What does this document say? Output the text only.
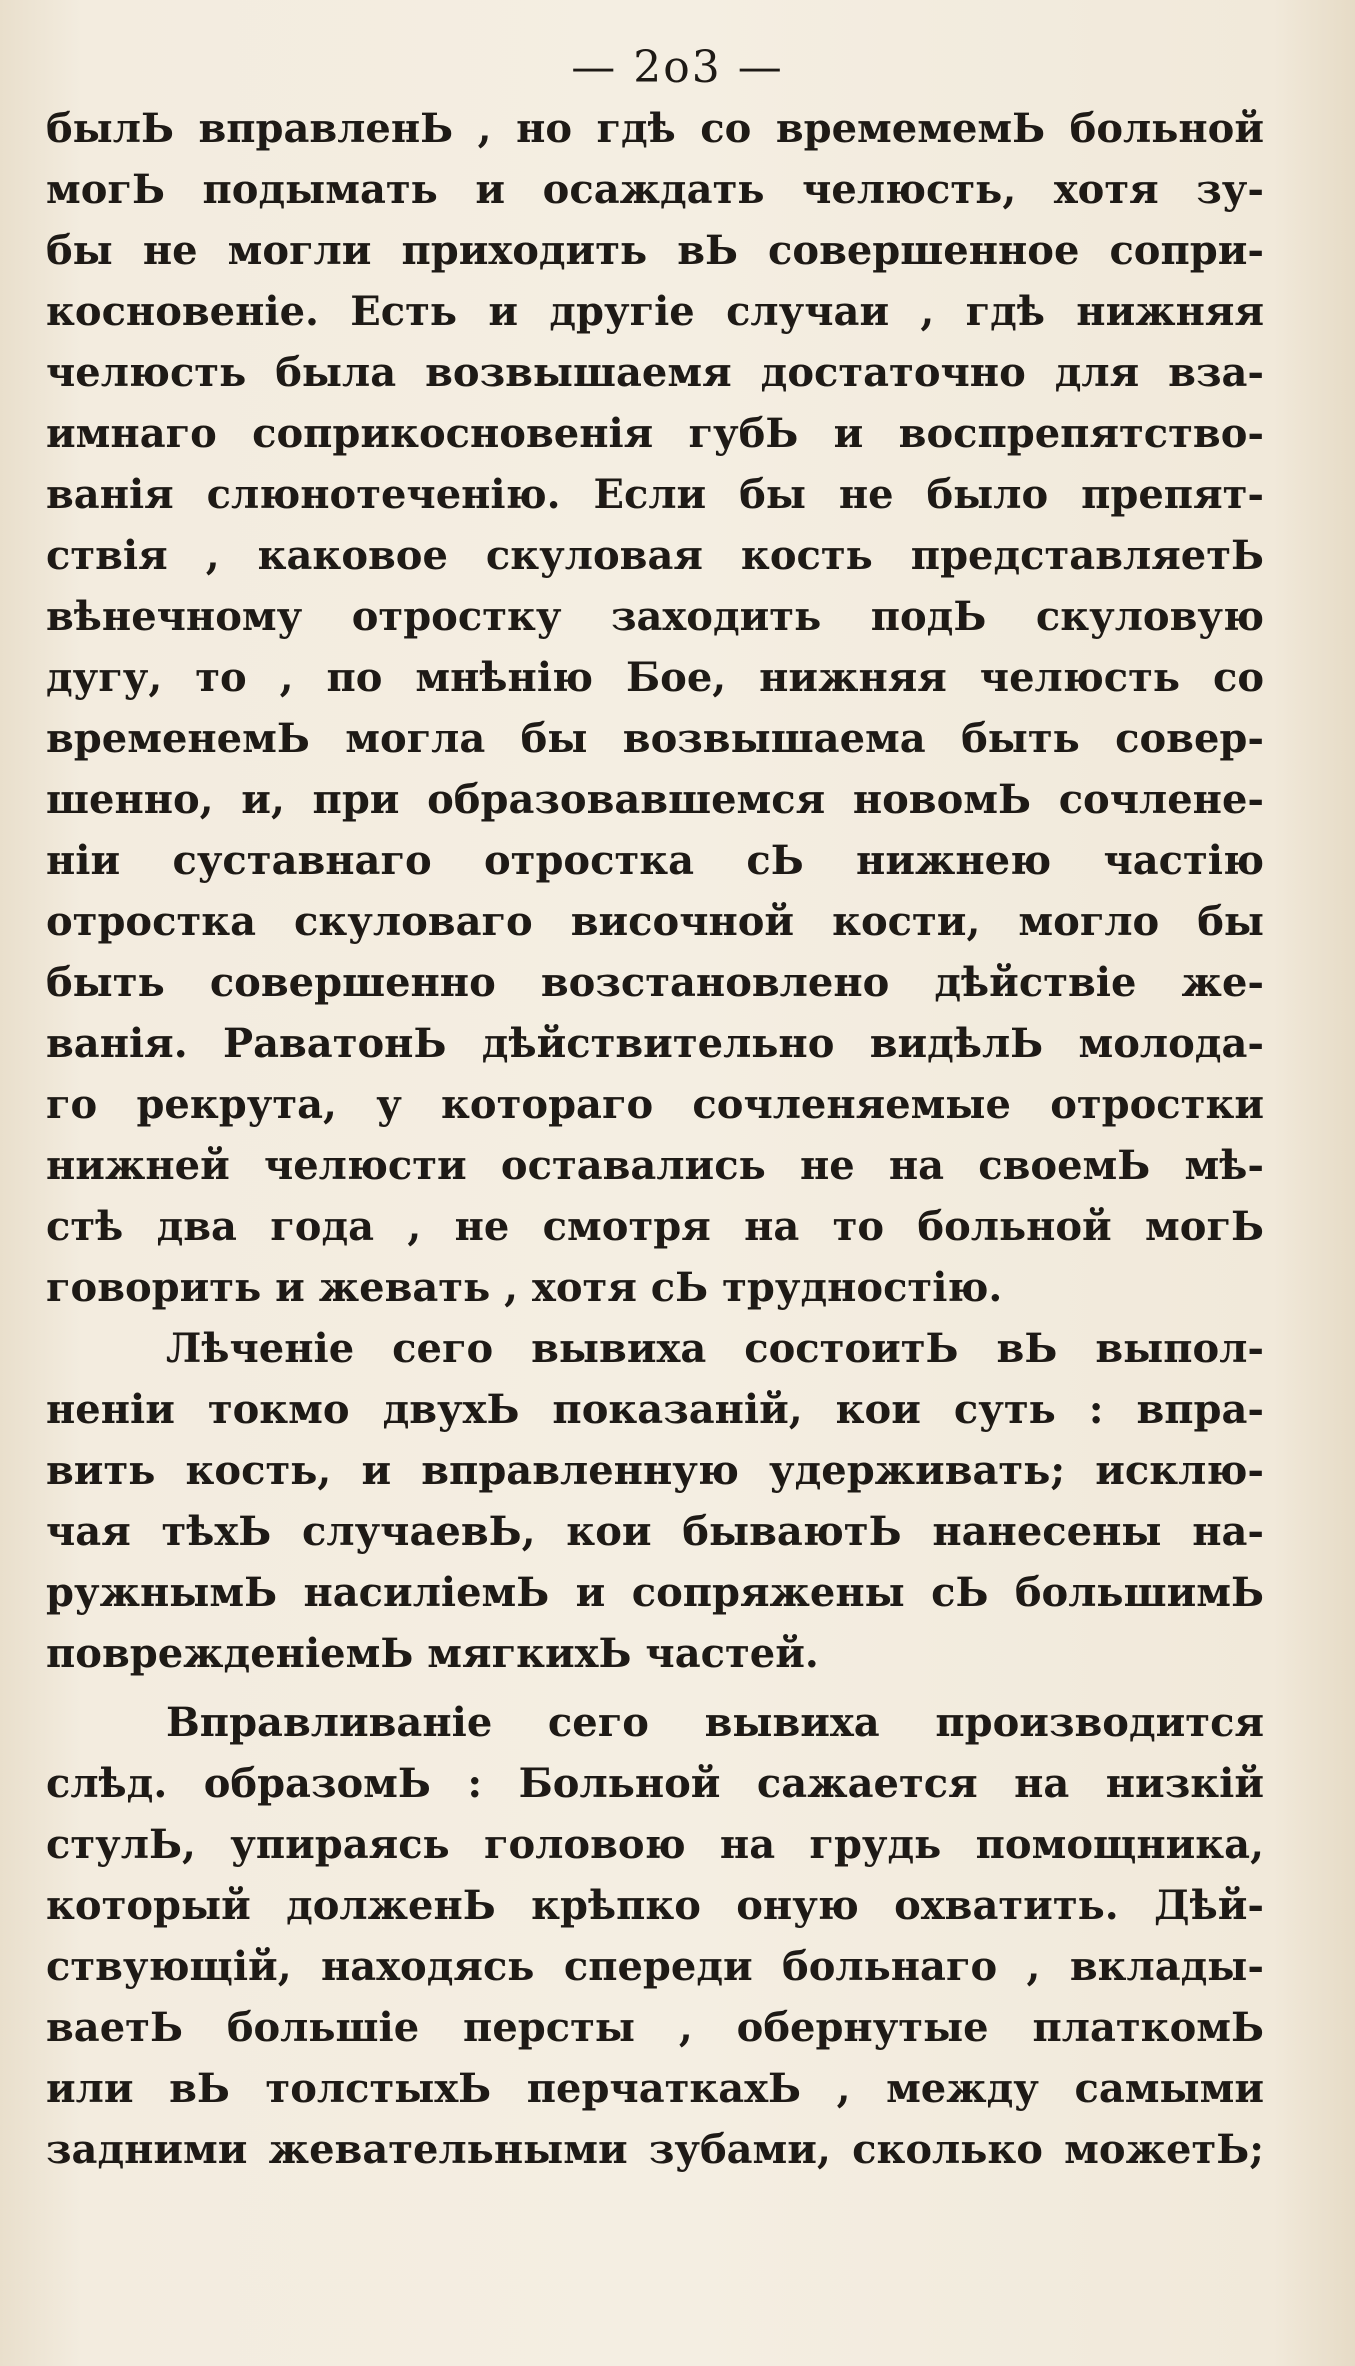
— 2о3 —
былЬ вправленЬ , но гдѣ со времемемЬ больной
могЬ подымать и осаждать челюсть, хотя зу-
бы не могли приходить вЬ совершенное сопри-
косновеніе. Есть и другіе случаи , гдѣ нижняя
челюсть была возвышаемя достаточно для вза-
имнаго соприкосновенія губЬ и воспрепятство-
ванія слюнотеченію. Если бы не было препят-
ствія , каковое скуловая кость представляетЬ
вѣнечному отростку заходить подЬ скуловую
дугу, то , по мнѣнію Бое, нижняя челюсть со
временемЬ могла бы возвышаема быть совер-
шенно, и, при образовавшемся новомЬ сочлене-
ніи суставнаго отростка сЬ нижнею частію
отростка скуловаго височной кости, могло бы
быть совершенно возстановлено дѣйствіе же-
ванія. РаватонЬ дѣйствительно видѣлЬ молода-
го рекрута, у котораго сочленяемые отростки
нижней челюсти оставались не на своемЬ мѣ-
стѣ два года , не смотря на то больной могЬ
говорить и жевать , хотя сЬ трудностію.
Лѣченіе сего вывиха состоитЬ вЬ выпол-
неніи токмо двухЬ показаній, кои суть : впра-
вить кость, и вправленную удерживать; исклю-
чая тѣхЬ случаевЬ, кои бываютЬ нанесены на-
ружнымЬ насиліемЬ и сопряжены сЬ большимЬ
поврежденіемЬ мягкихЬ частей.
Вправливаніе сего вывиха производится
слѣд. образомЬ : Больной сажается на низкій
стулЬ, упираясь головою на грудь помощника,
который долженЬ крѣпко оную охватить. Дѣй-
ствующій, находясь спереди больнаго , вклады-
ваетЬ большіе персты , обернутые платкомЬ
или вЬ толстыхЬ перчаткахЬ , между самыми
задними жевательными зубами, сколько можетЬ;
